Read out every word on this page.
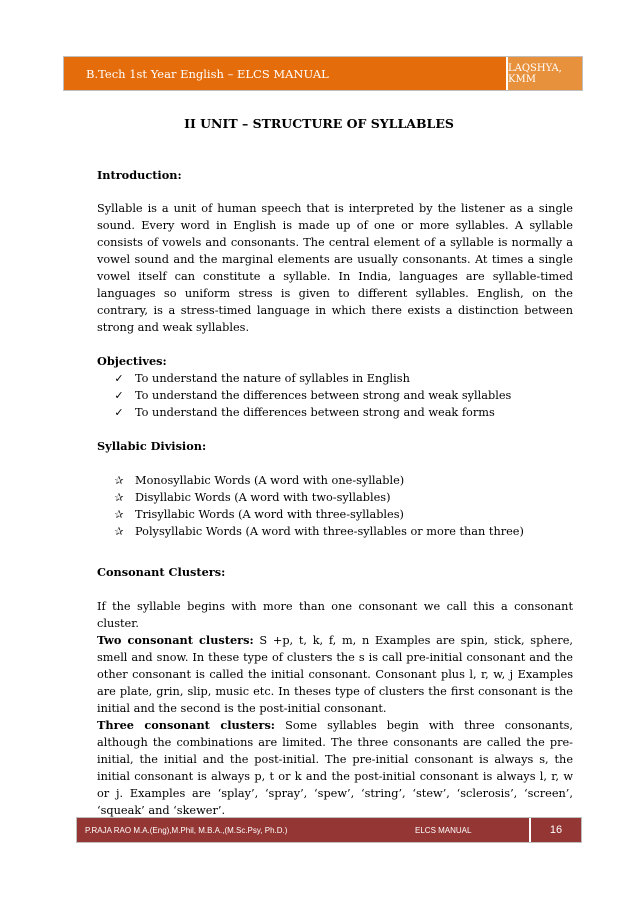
B.Tech 1st Year English – ELCS MANUAL	LAQSHYA, KMM
II UNIT – STRUCTURE OF SYLLABLES
Introduction:

Syllable is a unit of human speech that is interpreted by the listener as a single sound. Every word in English is made up of one or more syllables. A syllable consists of vowels and consonants. The central element of a syllable is normally a vowel sound and the marginal elements are usually consonants. At times a single vowel itself can constitute a syllable. In India, languages are syllable-timed languages so uniform stress is given to different syllables. English, on the contrary, is a stress-timed language in which there exists a distinction between strong and weak syllables.

Objectives:
✓	To understand the nature of syllables in English
✓	To understand the differences between strong and weak syllables
✓	To understand the differences between strong and weak forms
Syllabic Division:
✰	Monosyllabic Words (A word with one-syllable)
✰	Disyllabic Words (A word with two-syllables)
✰	Trisyllabic Words (A word with three-syllables)
✰	Polysyllabic Words (A word with three-syllables or more than three)
Consonant Clusters:

If the syllable begins with more than one consonant we call this a consonant cluster.

Two consonant clusters: S +p, t, k, f, m, n Examples are spin, stick, sphere, smell and snow. In these type of clusters the s is call pre-initial consonant and the other consonant is called the initial consonant. Consonant plus l, r, w, j Examples are plate, grin, slip, music etc. In theses type of clusters the first consonant is the initial and the second is the post-initial consonant.

Three consonant clusters: Some syllables begin with three consonants, although the combinations are limited. The three consonants are called the pre-initial, the initial and the post-initial. The pre-initial consonant is always s, the initial consonant is always p, t or k and the post-initial consonant is always l, r, w or j. Examples are ‘splay’, ‘spray’, ‘spew’, ‘string’, ‘stew’, ‘sclerosis’, ‘screen’, ‘squeak’ and ‘skewer’.

P.RAJA RAO M.A.(Eng),M.Phil, M.B.A.,(M.Sc.Psy, Ph.D.)	ELCS MANUAL	16
